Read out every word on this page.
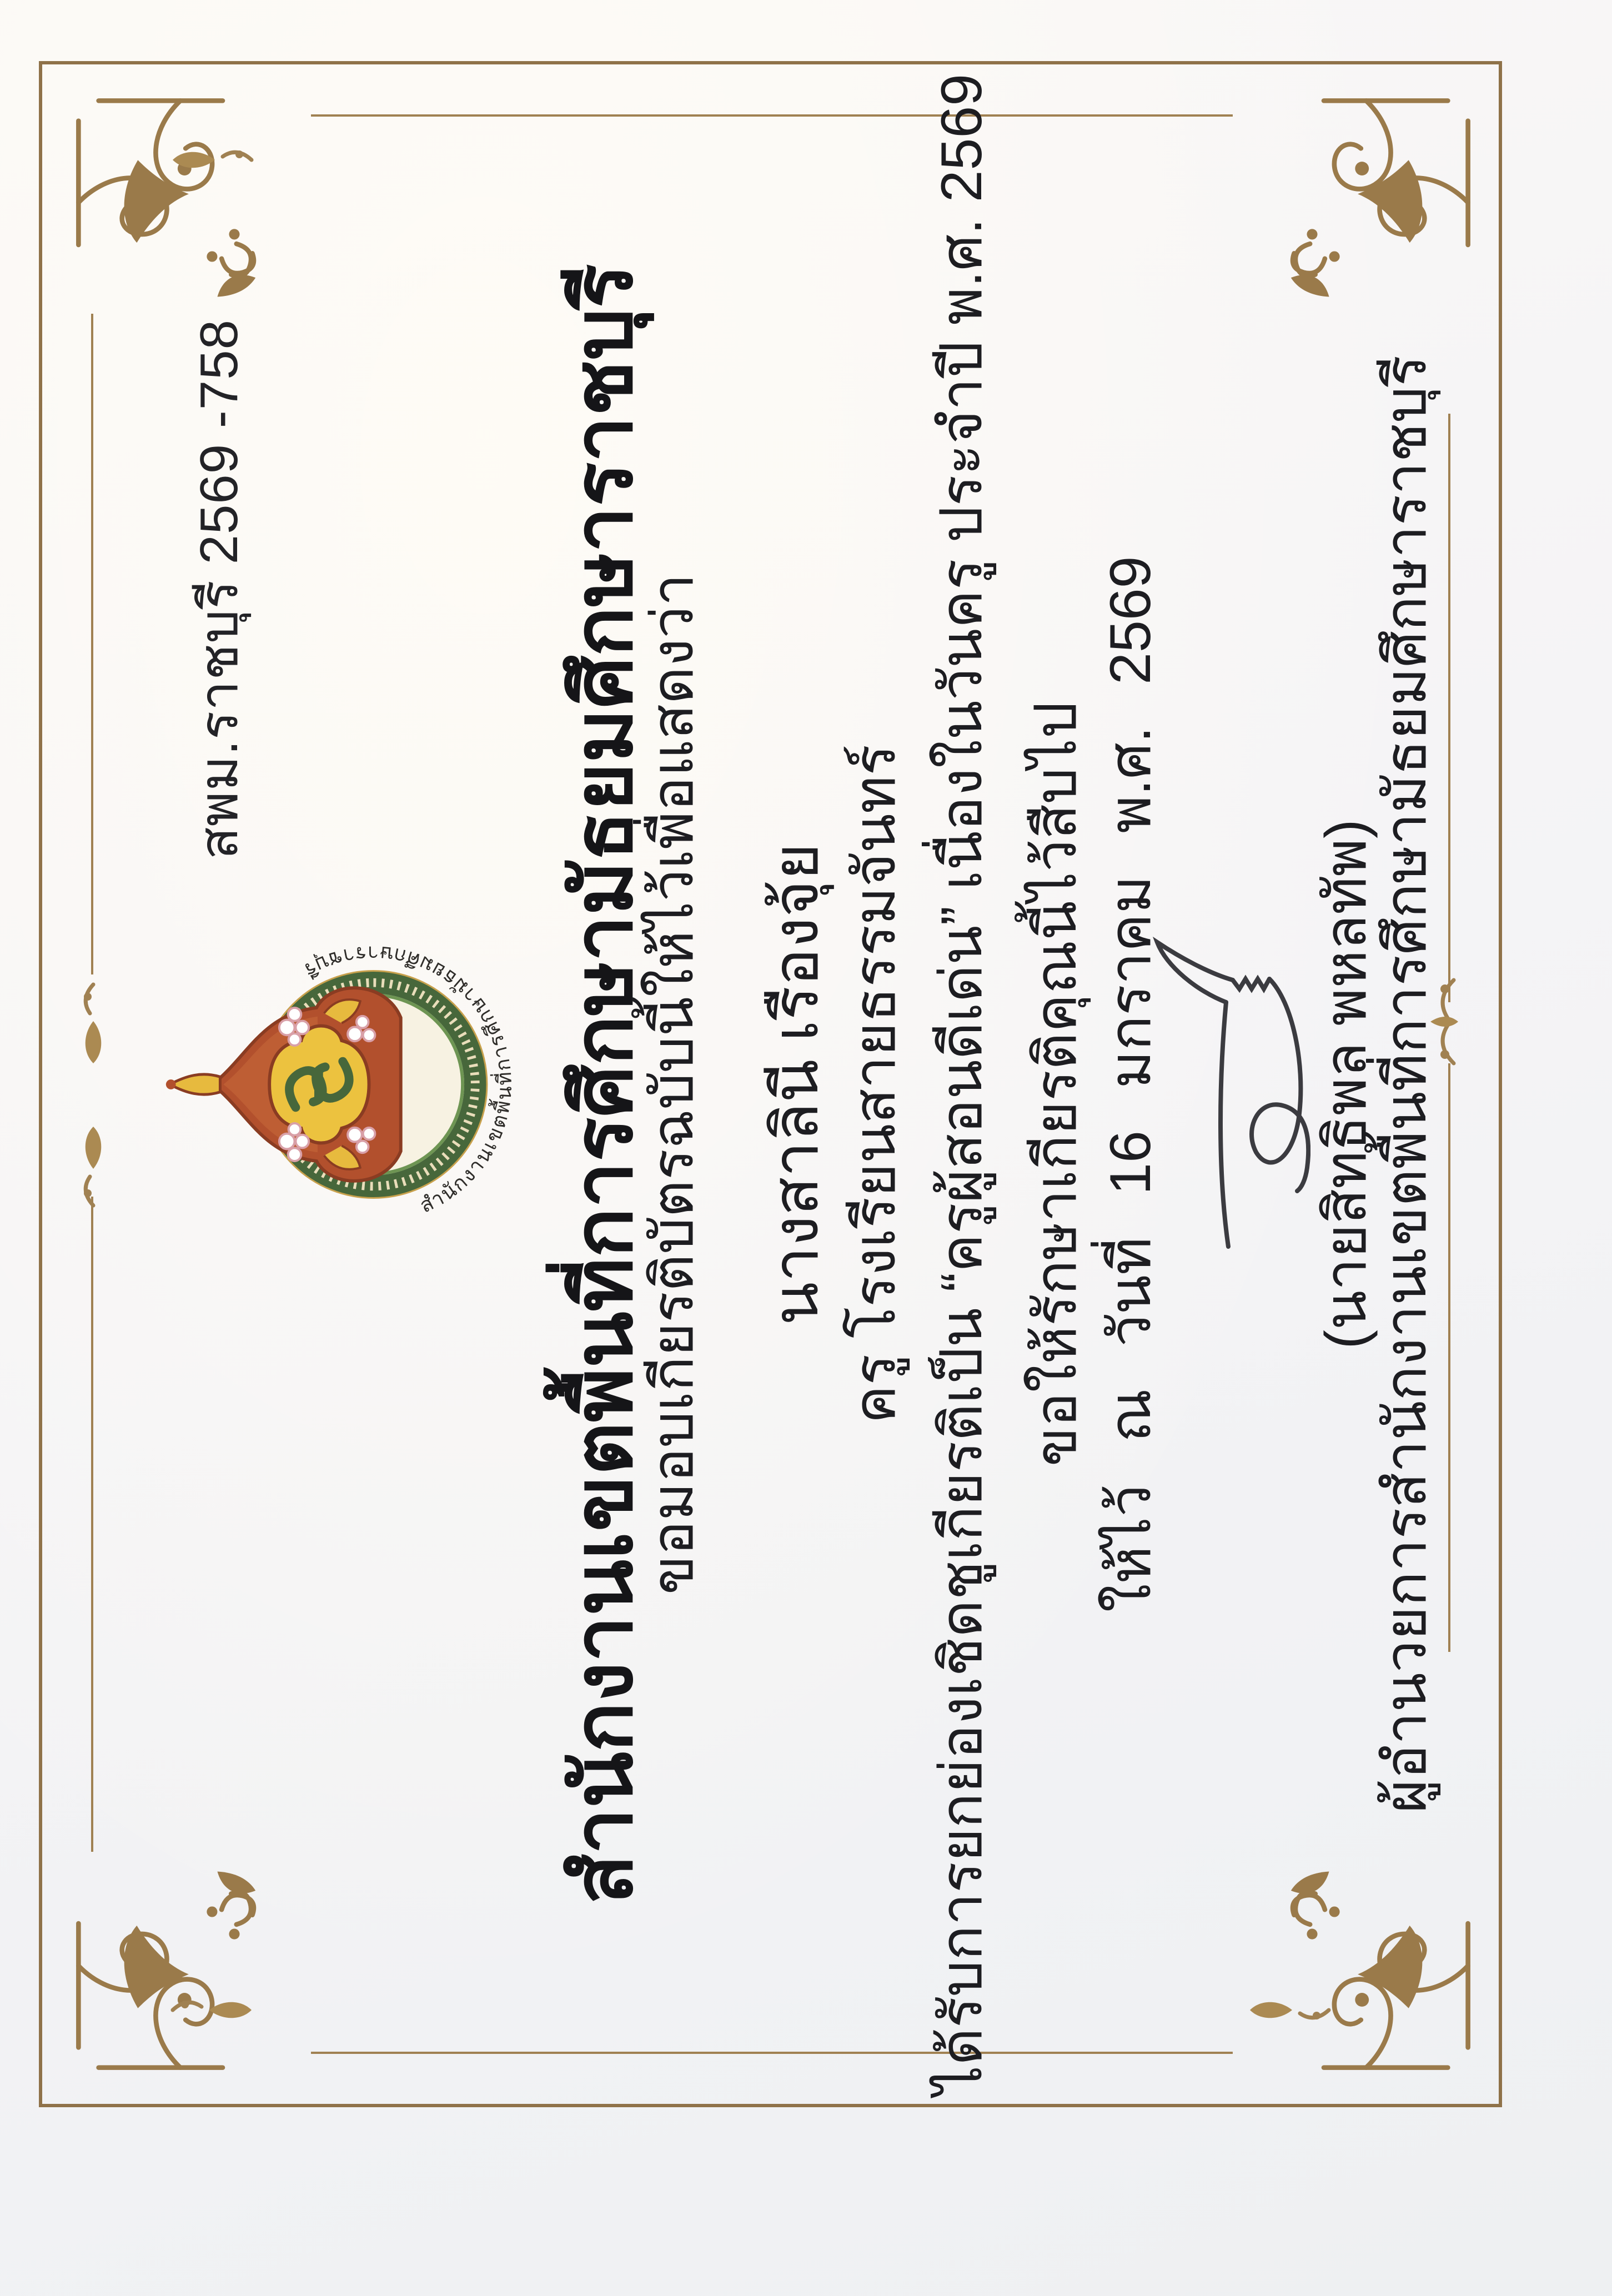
สพม.ราชบุรี 2569 -758
สำนักงานเขตพื้นที่การศึกษามัธยมศึกษาราชบุรี	สำนักงานเขตพื้นที่การศึกษามัธยมศึกษาราชบุรี
ขอมอบเกียรติบัตรฉบับนี้ให้ไว้เพื่อแสดงว่า นางสาลินี เรืองจุ้ย ครู โรงเรียนสายธรรมจันทร์ ได้รับการยกย่องเชิดชูเกียรติเป็น “ครูผู้สอนดีเด่น” เนื่องในวันครู ประจำปี พ.ศ. 2569 ขอให้รักษาเกียรติคุณนี้ไว้สืบไป ให้ไว้ ณ วันที่ 16 มกราคม พ.ศ. 2569	(นายสิทธิพล พหลทัพ)
ผู้อำนวยการสำนักงานเขตพื้นที่การศึกษามัธยมศึกษาราชบุรี
